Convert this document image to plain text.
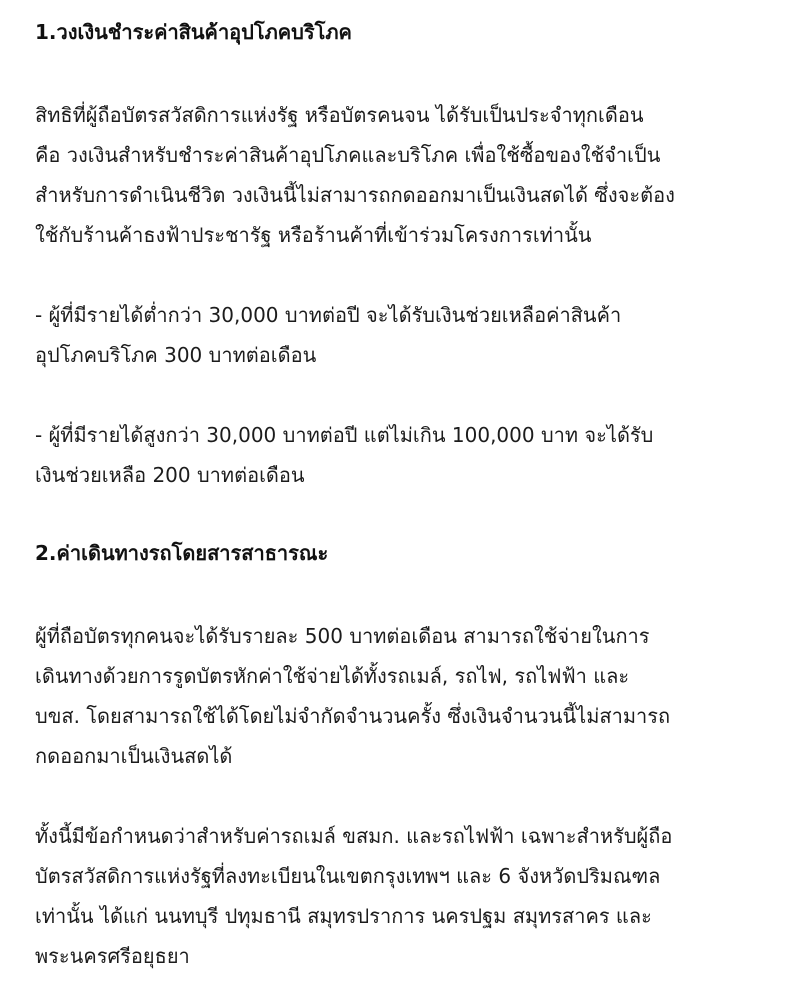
1.วงเงินชำระค่าสินค้าอุปโภคบริโภค

สิทธิที่ผู้ถือบัตรสวัสดิการแห่งรัฐ หรือบัตรคนจน ได้รับเป็นประจำทุกเดือน
คือ วงเงินสำหรับชำระค่าสินค้าอุปโภคและบริโภค เพื่อใช้ซื้อของใช้จำเป็น
สำหรับการดำเนินชีวิต วงเงินนี้ไม่สามารถกดออกมาเป็นเงินสดได้ ซึ่งจะต้อง
ใช้กับร้านค้าธงฟ้าประชารัฐ หรือร้านค้าที่เข้าร่วมโครงการเท่านั้น

- ผู้ที่มีรายได้ต่ำกว่า 30,000 บาทต่อปี จะได้รับเงินช่วยเหลือค่าสินค้า
อุปโภคบริโภค 300 บาทต่อเดือน

- ผู้ที่มีรายได้สูงกว่า 30,000 บาทต่อปี แต่ไม่เกิน 100,000 บาท จะได้รับ
เงินช่วยเหลือ 200 บาทต่อเดือน

2.ค่าเดินทางรถโดยสารสาธารณะ

ผู้ที่ถือบัตรทุกคนจะได้รับรายละ 500 บาทต่อเดือน สามารถใช้จ่ายในการ
เดินทางด้วยการรูดบัตรหักค่าใช้จ่ายได้ทั้งรถเมล์, รถไฟ, รถไฟฟ้า และ
บขส. โดยสามารถใช้ได้โดยไม่จำกัดจำนวนครั้ง ซึ่งเงินจำนวนนี้ไม่สามารถ
กดออกมาเป็นเงินสดได้

ทั้งนี้มีข้อกำหนดว่าสำหรับค่ารถเมล์ ขสมก. และรถไฟฟ้า เฉพาะสำหรับผู้ถือ
บัตรสวัสดิการแห่งรัฐที่ลงทะเบียนในเขตกรุงเทพฯ และ 6 จังหวัดปริมณฑล
เท่านั้น ได้แก่ นนทบุรี ปทุมธานี สมุทรปราการ นครปฐม สมุทรสาคร และ
พระนครศรีอยุธยา
